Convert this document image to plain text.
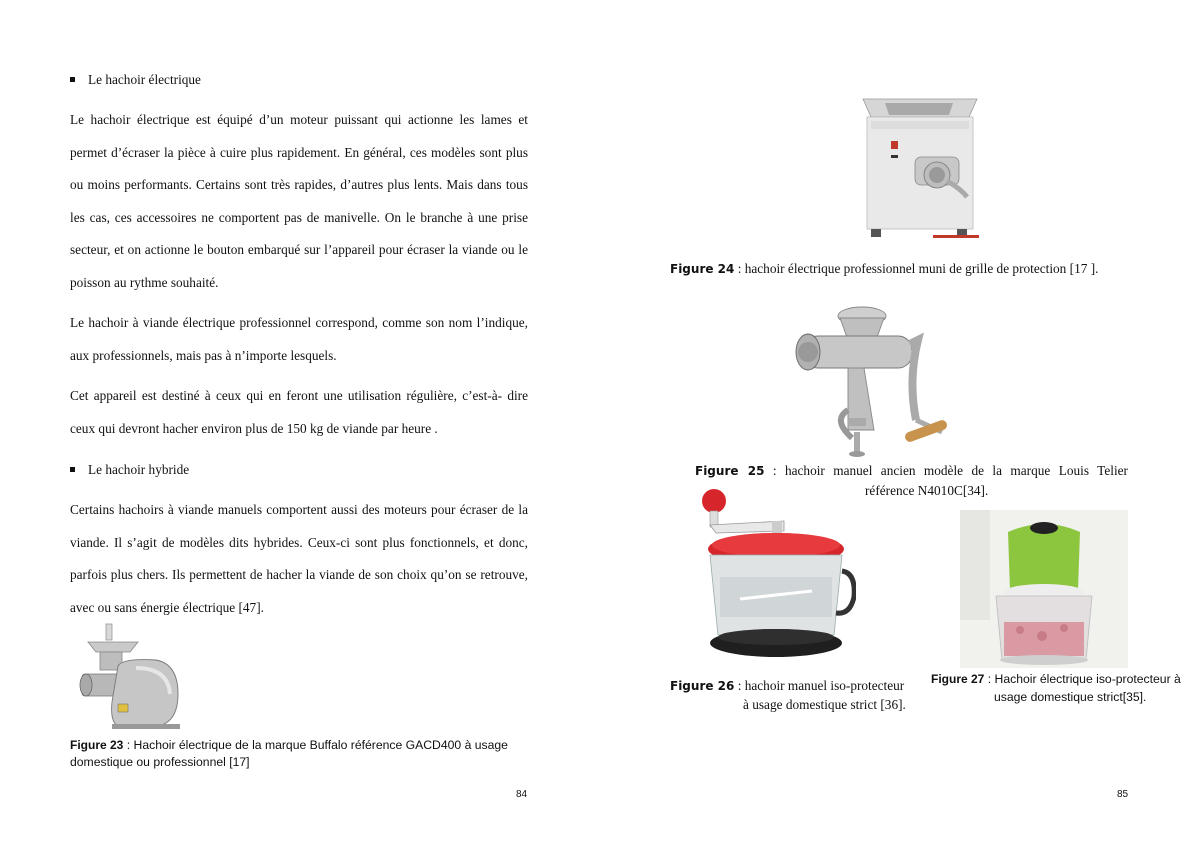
Le hachoir électrique
Le hachoir électrique est équipé d’un moteur puissant qui actionne les lames et permet d’écraser la pièce à cuire plus rapidement. En général, ces modèles sont plus ou moins performants. Certains sont très rapides, d’autres plus lents. Mais dans tous les cas, ces accessoires ne comportent pas de manivelle. On le branche à une prise secteur, et on actionne le bouton embarqué sur l’appareil pour écraser la viande ou le poisson au rythme souhaité.
Le hachoir à viande électrique professionnel correspond, comme son nom l’indique, aux professionnels, mais pas à n’importe lesquels.
Cet appareil est destiné à ceux qui en feront une utilisation régulière, c’est-à- dire ceux qui devront hacher environ plus de 150 kg de viande par heure .
Le hachoir hybride
Certains hachoirs à viande manuels comportent aussi des moteurs pour écraser de la viande. Il s’agit de modèles dits hybrides. Ceux-ci sont plus fonctionnels, et donc, parfois plus chers. Ils permettent de hacher la viande de son choix qu’on se retrouve, avec ou sans énergie électrique [47].
Figure 23 : Hachoir électrique de la marque Buffalo référence GACD400 à usage domestique ou professionnel [17]
84
Figure 24 : hachoir électrique professionnel muni de grille de protection [17 ].
Figure 25 : hachoir manuel ancien modèle de la marque Louis Telier
référence N4010C[34].
Figure 26 : hachoir manuel iso-protecteur
à usage domestique strict [36].
Figure 27 : Hachoir électrique iso-protecteur à
usage domestique strict[35].
85
